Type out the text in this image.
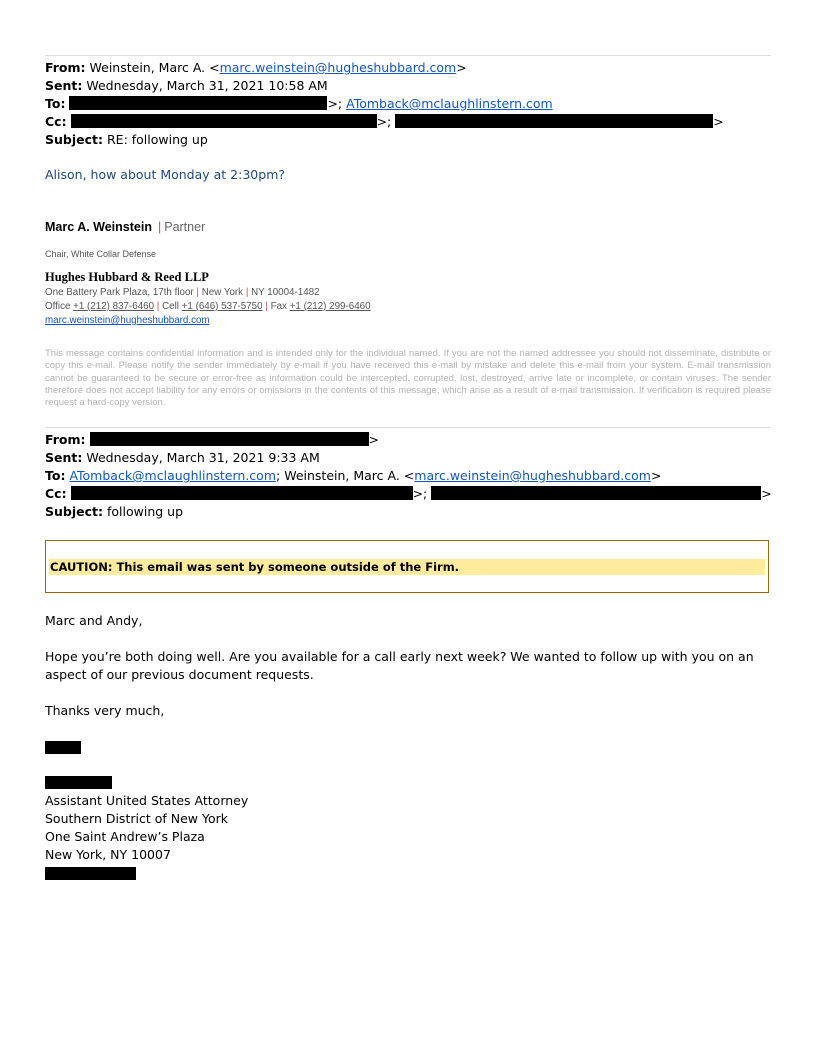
From: Weinstein, Marc A. <marc.weinstein@hugheshubbard.com>
Sent: Wednesday, March 31, 2021 10:58 AM
To:	>; ATomback@mclaughlinstern.com
Cc:	>;	>
Subject: RE: following up
Alison, how about Monday at 2:30pm?
Marc A. Weinstein | Partner
Chair, White Collar Defense
Hughes Hubbard & Reed LLP
One Battery Park Plaza, 17th floor | New York | NY 10004-1482
Office +1 (212) 837-6460 | Cell +1 (646) 537-5750 | Fax +1 (212) 299-6460
marc.weinstein@hugheshubbard.com
This message contains confidential information and is intended only for the individual named. If you are not the named addressee you should not disseminate, distribute or copy this e-mail. Please notify the sender immediately by e-mail if you have received this e-mail by mistake and delete this e-mail from your system. E-mail transmission cannot be guaranteed to be secure or error-free as information could be intercepted, corrupted, lost, destroyed, arrive late or incomplete, or contain viruses. The sender therefore does not accept liability for any errors or omissions in the contents of this message, which arise as a result of e-mail transmission. If verification is required please request a hard-copy version.
From:	>
Sent: Wednesday, March 31, 2021 9:33 AM
To: ATomback@mclaughlinstern.com; Weinstein, Marc A. <marc.weinstein@hugheshubbard.com>
Cc:	>;	>
Subject: following up
CAUTION: This email was sent by someone outside of the Firm.
Marc and Andy,
Hope you’re both doing well. Are you available for a call early next week? We wanted to follow up with you on an aspect of our previous document requests.
Thanks very much,
Assistant United States Attorney
Southern District of New York
One Saint Andrew’s Plaza
New York, NY 10007
